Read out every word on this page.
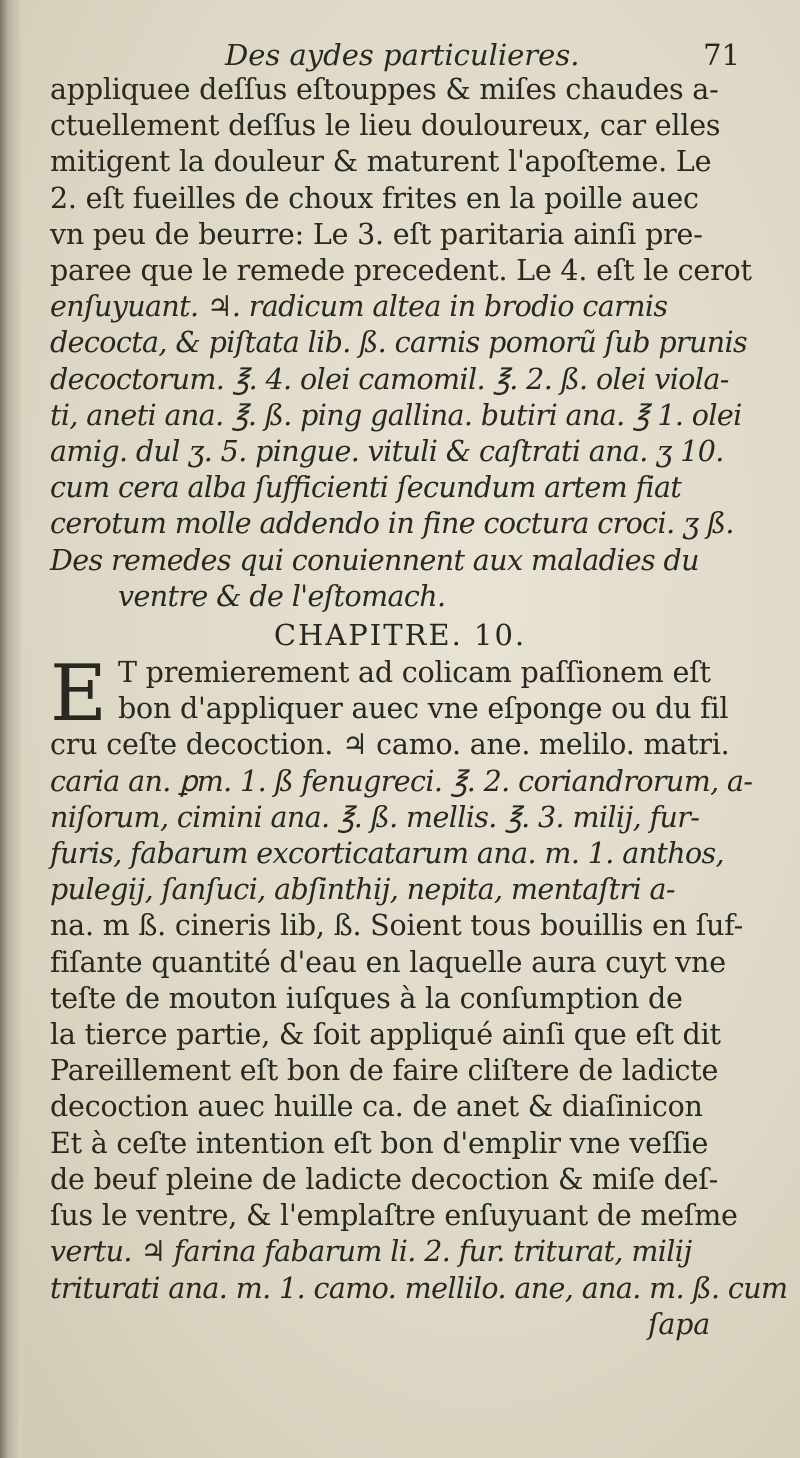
Des aydes particulieres.	71
appliquee deſſus eſtouppes & miſes chaudes a-
ctuellement deſſus le lieu douloureux, car elles
mitigent la douleur & maturent l'apoſteme. Le
2. eſt fueilles de choux frites en la poille auec
vn peu de beurre: Le 3. eſt paritaria ainſi pre-
paree que le remede precedent. Le 4. eſt le cerot
enſuyuant. ♃. radicum altea in brodio carnis
decocta, & piſtata lib. ß. carnis pomorũ ſub prunis
decoctorum. ℥. 4. olei camomil. ℥. 2. ß. olei viola-
ti, aneti ana. ℥. ß. ping gallina. butiri ana. ℥ 1. olei
amig. dul ʒ. 5. pingue. vituli & caſtrati ana. ʒ 10.
cum cera alba ſufficienti ſecundum artem fiat
cerotum molle addendo in fine coctura croci. ʒ ß.
Des remedes qui conuiennent aux maladies du
ventre & de l'eſtomach.
CHAPITRE. 10.
E T premierement ad colicam paſſionem eſt
bon d'appliquer auec vne eſponge ou du fil
cru ceſte decoction. ♃ camo. ane. melilo. matri.
caria an. ꝑm. 1. ß fenugreci. ℥. 2. coriandrorum, a-
niſorum, cimini ana. ℥. ß. mellis. ℥. 3. milij, fur-
furis, fabarum excorticatarum ana. m. 1. anthos,
pulegij, ſanſuci, abſinthij, nepita, mentaſtri a-
na. m ß. cineris lib, ß. Soient tous bouillis en ſuf-
fiſante quantité d'eau en laquelle aura cuyt vne
teſte de mouton iuſques à la conſumption de
la tierce partie, & ſoit appliqué ainſi que eſt dit
Pareillement eſt bon de faire cliſtere de ladicte
decoction auec huille ca. de anet & diaſinicon
Et à ceſte intention eſt bon d'emplir vne veſſie
de beuf pleine de ladicte decoction & miſe deſ-
ſus le ventre, & l'emplaſtre enſuyuant de meſme
vertu. ♃ farina fabarum li. 2. fur. triturat, milij
triturati ana. m. 1. camo. mellilo. ane, ana. m. ß. cum
ſapa
